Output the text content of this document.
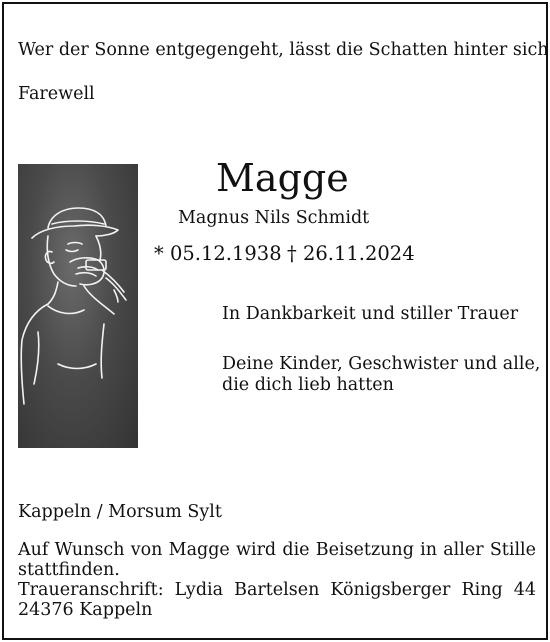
Wer der Sonne entgegengeht, lässt die Schatten hinter sich
Farewell
Magge
Magnus Nils Schmidt
* 05.12.1938 † 26.11.2024
In Dankbarkeit und stiller Trauer
Deine Kinder, Geschwister und alle, die dich lieb hatten
Kappeln / Morsum Sylt
Auf Wunsch von Magge wird die Beisetzung in aller Stille stattfinden.
Traueranschrift: Lydia Bartelsen Königsberger Ring 44 24376 Kappeln
